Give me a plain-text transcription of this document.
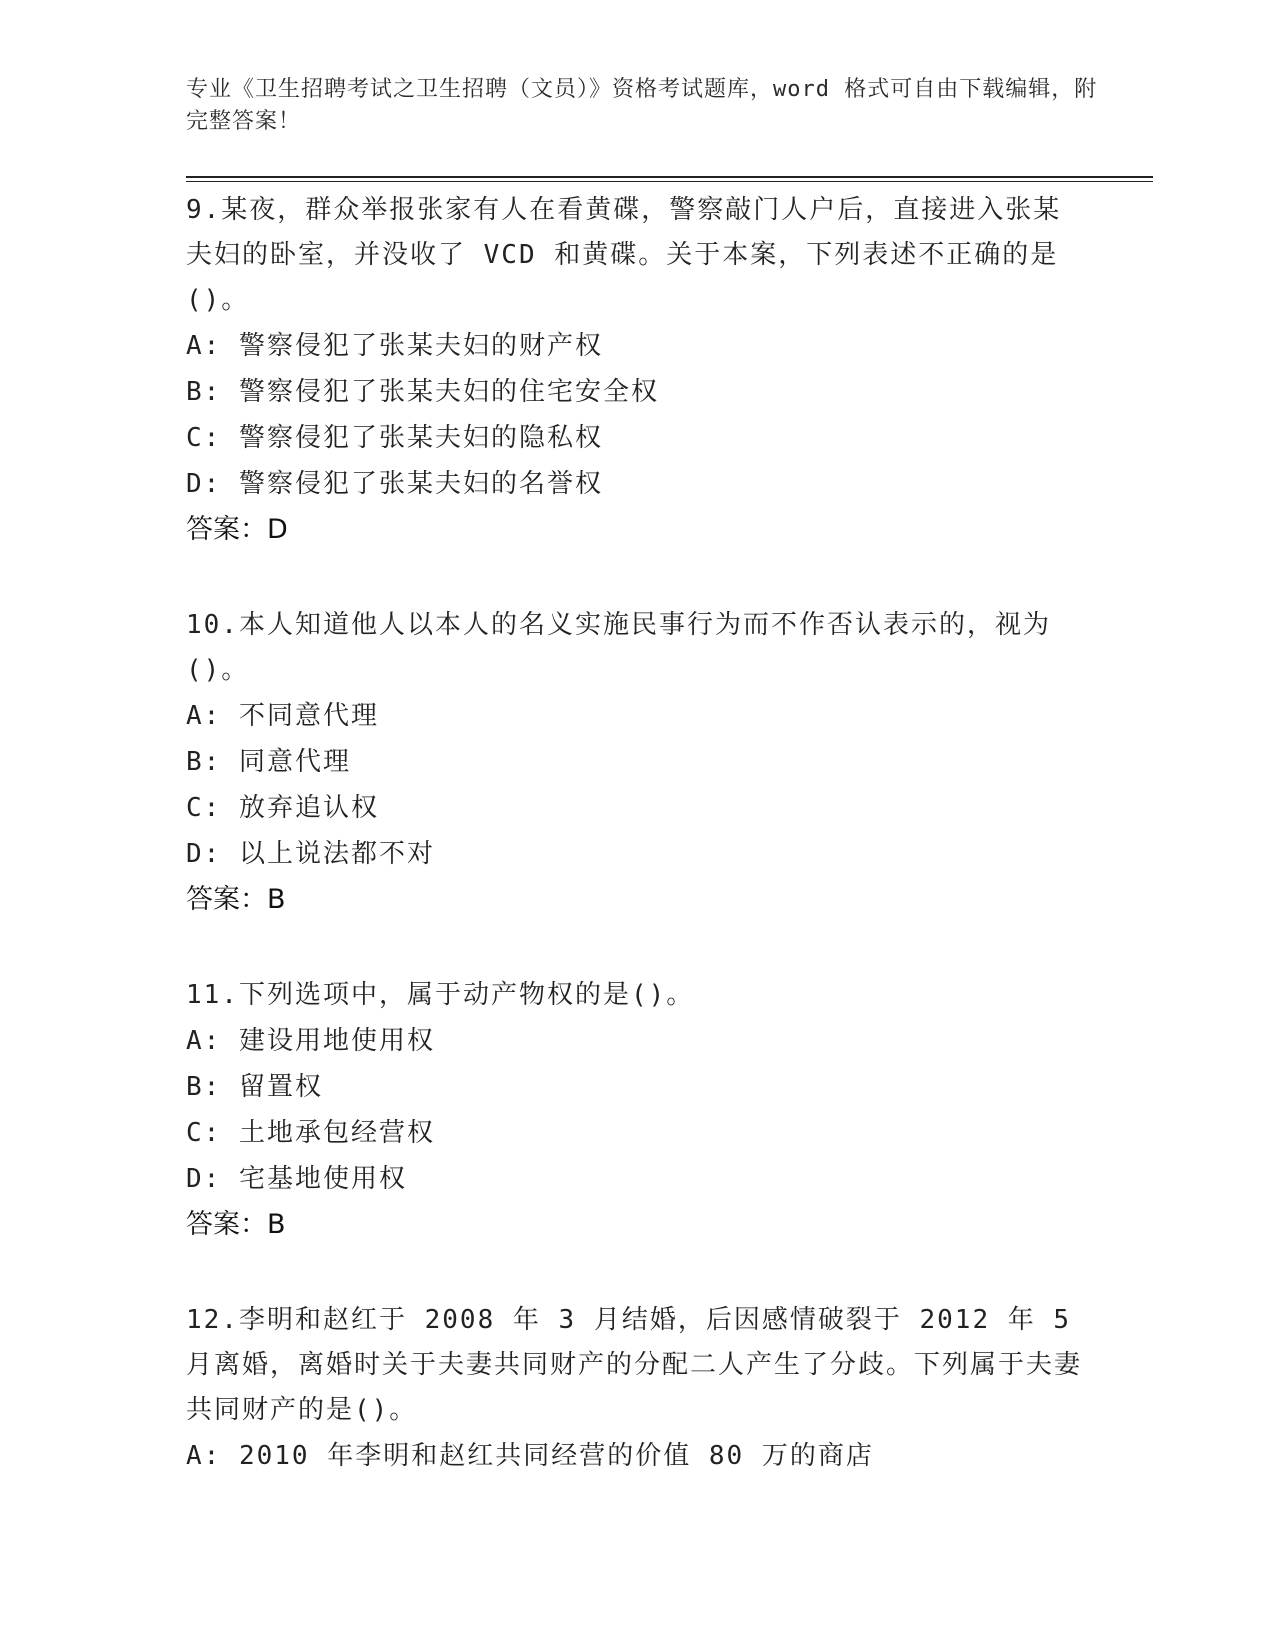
专业《卫生招聘考试之卫生招聘（文员）》资格考试题库，word 格式可自由下载编辑，附完整答案！

9.某夜，群众举报张家有人在看黄碟，警察敲门人户后，直接进入张某夫妇的卧室，并没收了 VCD 和黄碟。关于本案，下列表述不正确的是()。

A: 警察侵犯了张某夫妇的财产权

B: 警察侵犯了张某夫妇的住宅安全权

C: 警察侵犯了张某夫妇的隐私权

D: 警察侵犯了张某夫妇的名誉权

答案：D

10.本人知道他人以本人的名义实施民事行为而不作否认表示的，视为()。

A: 不同意代理

B: 同意代理

C: 放弃追认权

D: 以上说法都不对

答案：B

11.下列选项中，属于动产物权的是()。

A: 建设用地使用权

B: 留置权

C: 土地承包经营权

D: 宅基地使用权

答案：B

12.李明和赵红于 2008 年 3 月结婚，后因感情破裂于 2012 年 5 月离婚，离婚时关于夫妻共同财产的分配二人产生了分歧。下列属于夫妻共同财产的是()。

A: 2010 年李明和赵红共同经营的价值 80 万的商店
